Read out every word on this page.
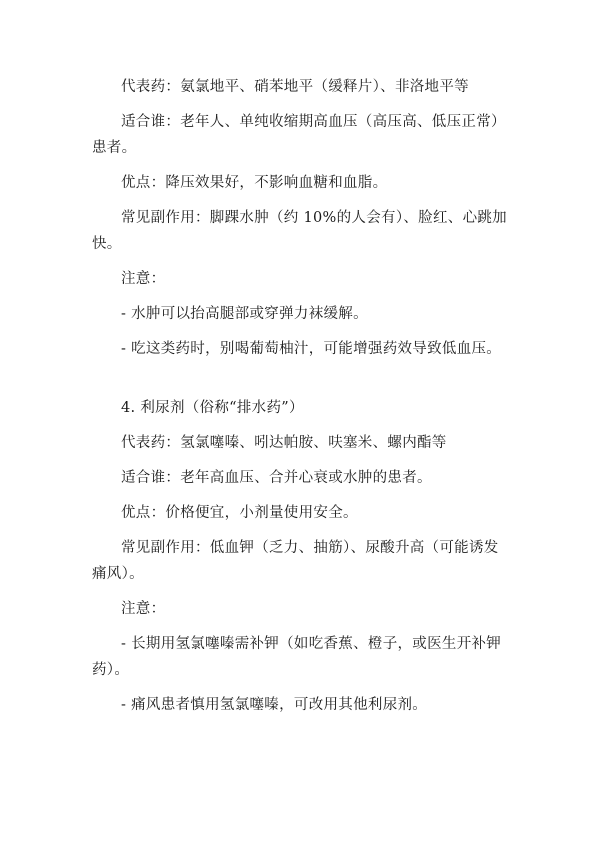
代表药：氨氯地平、硝苯地平（缓释片）、非洛地平等

适合谁：老年人、单纯收缩期高血压（高压高、低压正常）患者。

优点：降压效果好，不影响血糖和血脂。

常见副作用：脚踝水肿（约 10%的人会有）、脸红、心跳加快。

注意：

- 水肿可以抬高腿部或穿弹力袜缓解。

- 吃这类药时，别喝葡萄柚汁，可能增强药效导致低血压。

4. 利尿剂（俗称“排水药”）

代表药：氢氯噻嗪、吲达帕胺、呋塞米、螺内酯等

适合谁：老年高血压、合并心衰或水肿的患者。

优点：价格便宜，小剂量使用安全。

常见副作用：低血钾（乏力、抽筋）、尿酸升高（可能诱发痛风）。

注意：

- 长期用氢氯噻嗪需补钾（如吃香蕉、橙子，或医生开补钾药）。

- 痛风患者慎用氢氯噻嗪，可改用其他利尿剂。
